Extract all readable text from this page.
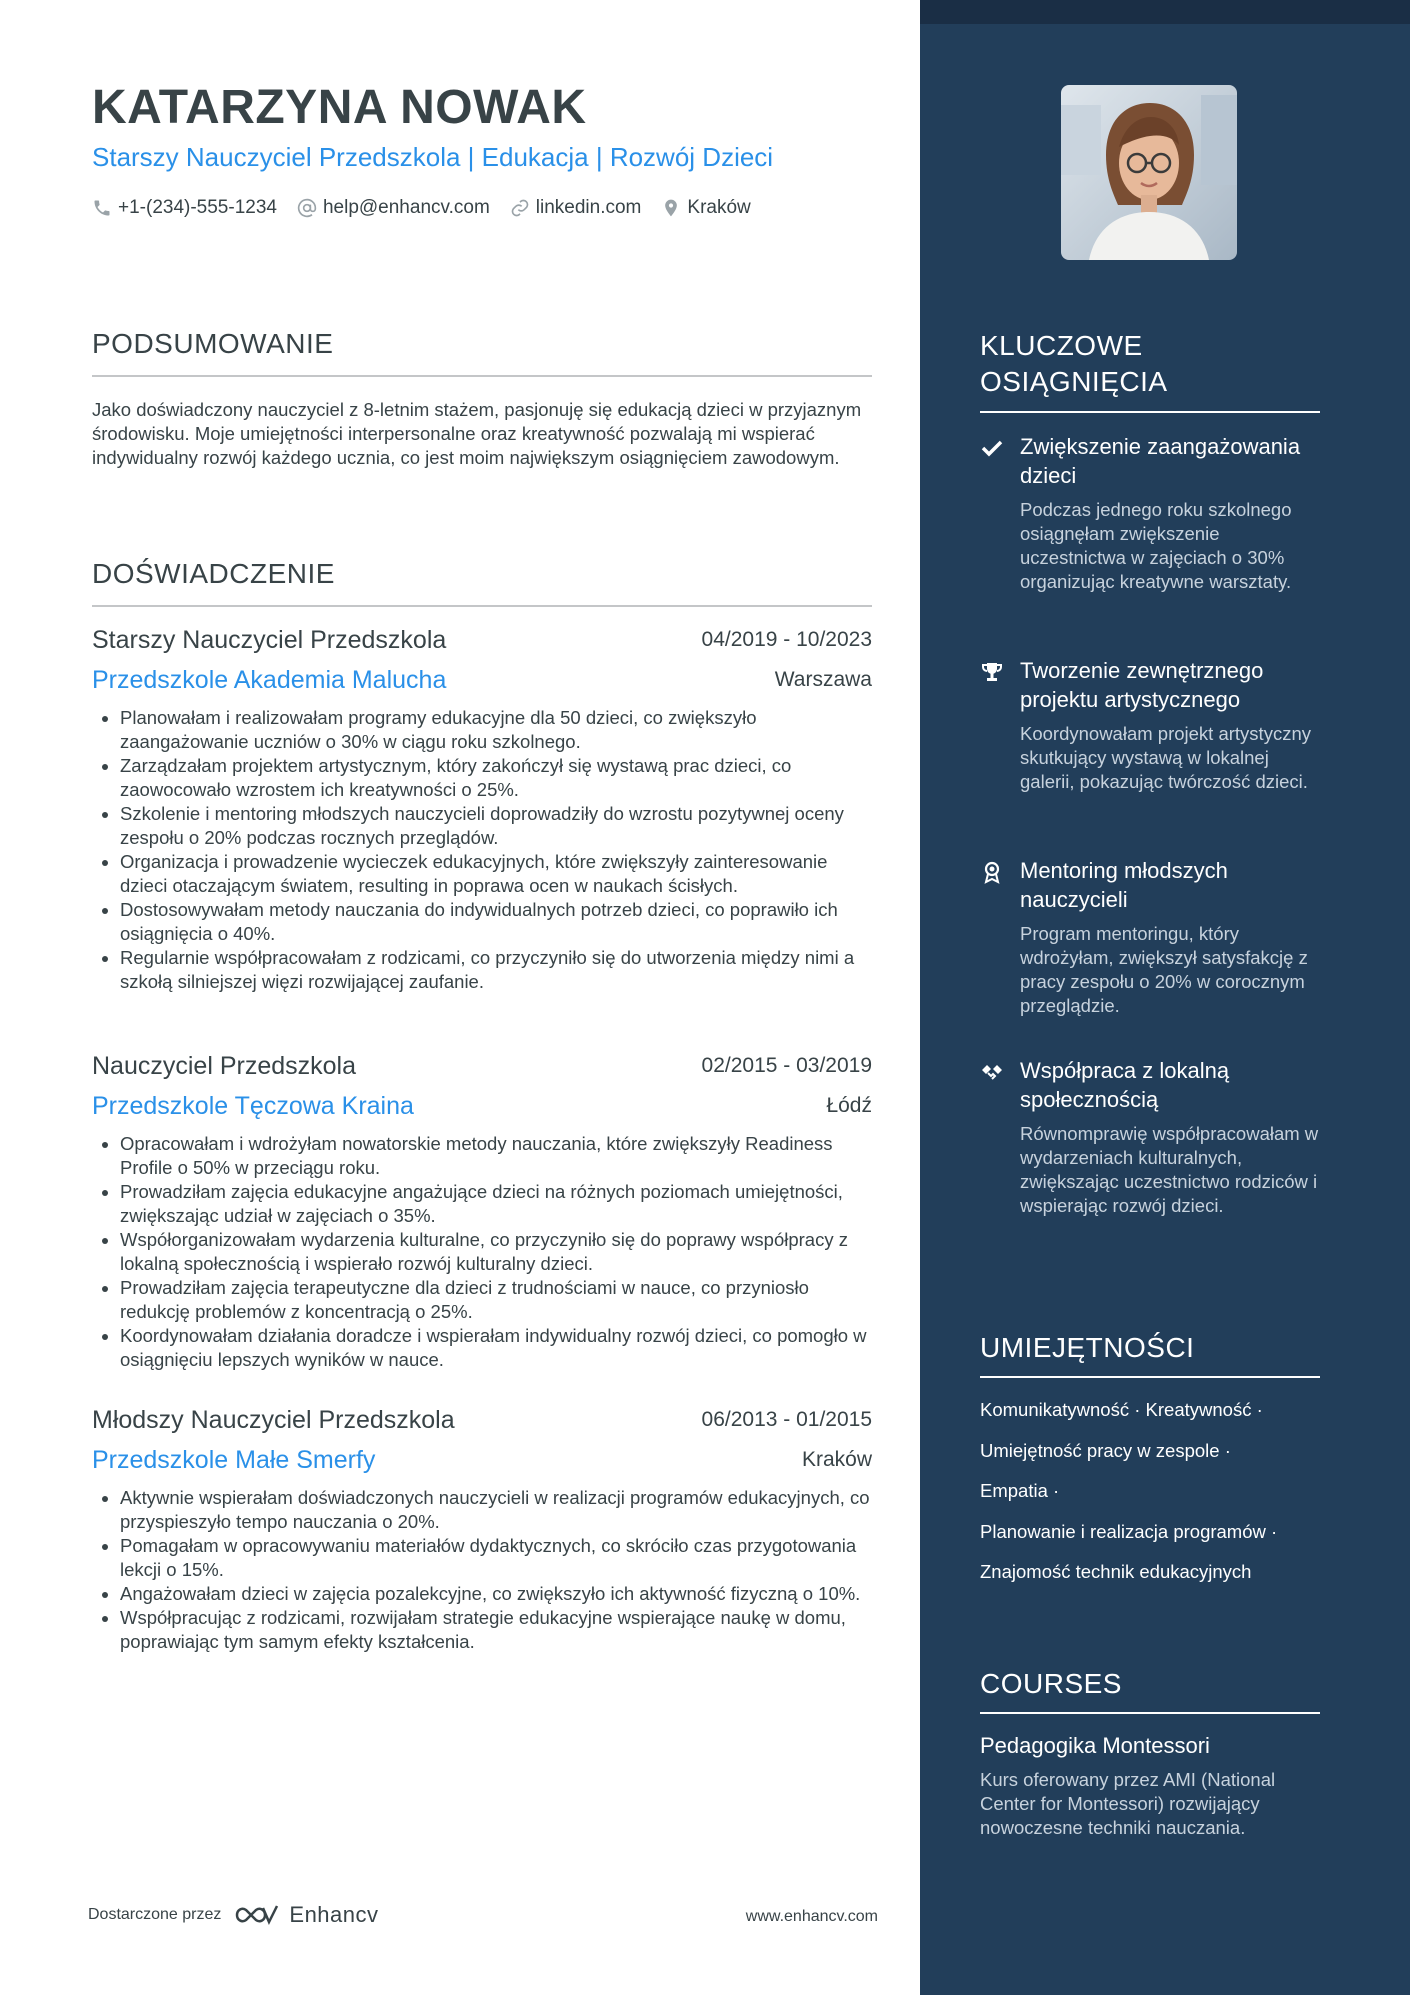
KATARZYNA NOWAK
Starszy Nauczyciel Przedszkola | Edukacja | Rozwój Dzieci
+1-(234)-555-1234 help@enhancv.com linkedin.com Kraków
PODSUMOWANIE
Jako doświadczony nauczyciel z 8-letnim stażem, pasjonuję się edukacją dzieci w przyjaznym środowisku. Moje umiejętności interpersonalne oraz kreatywność pozwalają mi wspierać indywidualny rozwój każdego ucznia, co jest moim największym osiągnięciem zawodowym.
DOŚWIADCZENIE
Starszy Nauczyciel Przedszkola	04/2019 - 10/2023
Przedszkole Akademia Malucha	Warszawa
• Planowałam i realizowałam programy edukacyjne dla 50 dzieci, co zwiększyło zaangażowanie uczniów o 30% w ciągu roku szkolnego.
• Zarządzałam projektem artystycznym, który zakończył się wystawą prac dzieci, co zaowocowało wzrostem ich kreatywności o 25%.
• Szkolenie i mentoring młodszych nauczycieli doprowadziły do wzrostu pozytywnej oceny zespołu o 20% podczas rocznych przeglądów.
• Organizacja i prowadzenie wycieczek edukacyjnych, które zwiększyły zainteresowanie dzieci otaczającym światem, resulting in poprawa ocen w naukach ścisłych.
• Dostosowywałam metody nauczania do indywidualnych potrzeb dzieci, co poprawiło ich osiągnięcia o 40%.
• Regularnie współpracowałam z rodzicami, co przyczyniło się do utworzenia między nimi a szkołą silniejszej więzi rozwijającej zaufanie.
Nauczyciel Przedszkola	02/2015 - 03/2019
Przedszkole Tęczowa Kraina	Łódź
• Opracowałam i wdrożyłam nowatorskie metody nauczania, które zwiększyły Readiness Profile o 50% w przeciągu roku.
• Prowadziłam zajęcia edukacyjne angażujące dzieci na różnych poziomach umiejętności, zwiększając udział w zajęciach o 35%.
• Współorganizowałam wydarzenia kulturalne, co przyczyniło się do poprawy współpracy z lokalną społecznością i wspierało rozwój kulturalny dzieci.
• Prowadziłam zajęcia terapeutyczne dla dzieci z trudnościami w nauce, co przyniosło redukcję problemów z koncentracją o 25%.
• Koordynowałam działania doradcze i wspierałam indywidualny rozwój dzieci, co pomogło w osiągnięciu lepszych wyników w nauce.
Młodszy Nauczyciel Przedszkola	06/2013 - 01/2015
Przedszkole Małe Smerfy	Kraków
• Aktywnie wspierałam doświadczonych nauczycieli w realizacji programów edukacyjnych, co przyspieszyło tempo nauczania o 20%.
• Pomagałam w opracowywaniu materiałów dydaktycznych, co skróciło czas przygotowania lekcji o 15%.
• Angażowałam dzieci w zajęcia pozalekcyjne, co zwiększyło ich aktywność fizyczną o 10%.
• Współpracując z rodzicami, rozwijałam strategie edukacyjne wspierające naukę w domu, poprawiając tym samym efekty kształcenia.
Dostarczone przez	Enhancv	www.enhancv.com
KLUCZOWE
OSIĄGNIĘCIA
Zwiększenie zaangażowania dzieci
Podczas jednego roku szkolnego osiągnęłam zwiększenie uczestnictwa w zajęciach o 30% organizując kreatywne warsztaty.
Tworzenie zewnętrznego projektu artystycznego
Koordynowałam projekt artystyczny skutkujący wystawą w lokalnej galerii, pokazując twórczość dzieci.
Mentoring młodszych nauczycieli
Program mentoringu, który wdrożyłam, zwiększył satysfakcję z pracy zespołu o 20% w corocznym przeglądzie.
Współpraca z lokalną społecznością
Równomprawię współpracowałam w wydarzeniach kulturalnych, zwiększając uczestnictwo rodziców i wspierając rozwój dzieci.
UMIEJĘTNOŚCI
Komunikatywność · Kreatywność ·
Umiejętność pracy w zespole ·
Empatia ·
Planowanie i realizacja programów ·
Znajomość technik edukacyjnych
COURSES
Pedagogika Montessori
Kurs oferowany przez AMI (National Center for Montessori) rozwijający nowoczesne techniki nauczania.
